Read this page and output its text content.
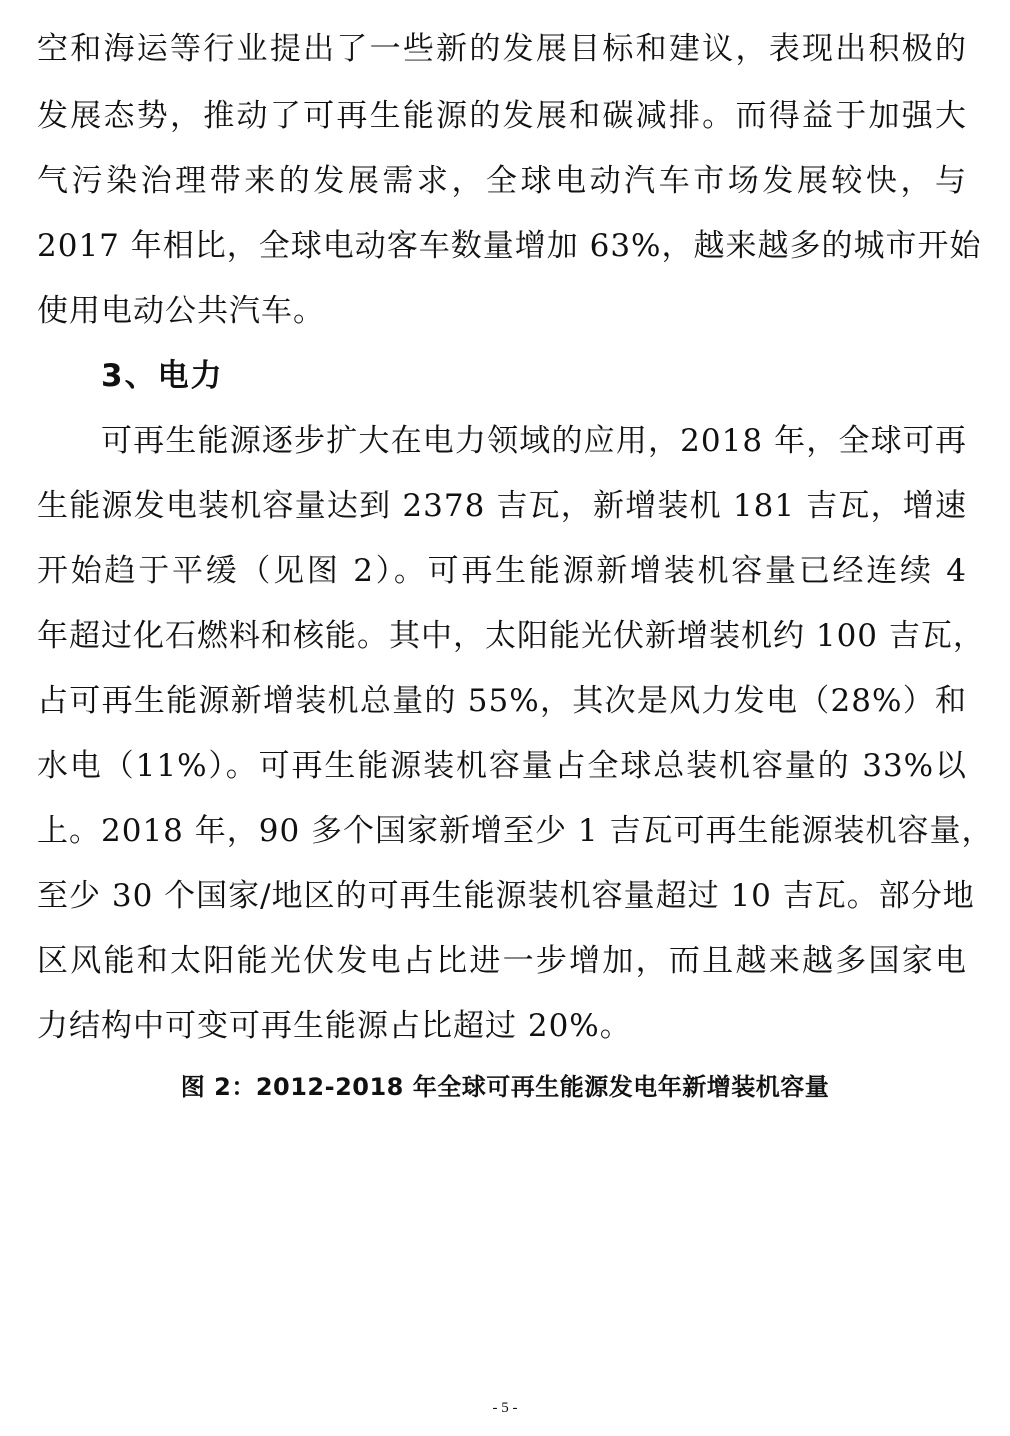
空和海运等行业提出了一些新的发展目标和建议，表现出积极的
发展态势，推动了可再生能源的发展和碳减排。而得益于加强大
气污染治理带来的发展需求，全球电动汽车市场发展较快，与
2017 年相比，全球电动客车数量增加 63%，越来越多的城市开始
使用电动公共汽车。
3、电力
可再生能源逐步扩大在电力领域的应用，2018 年，全球可再
生能源发电装机容量达到 2378 吉瓦，新增装机 181 吉瓦，增速
开始趋于平缓（见图 2）。可再生能源新增装机容量已经连续 4
年超过化石燃料和核能。其中，太阳能光伏新增装机约 100 吉瓦，
占可再生能源新增装机总量的 55%，其次是风力发电（28%）和
水电（11%）。可再生能源装机容量占全球总装机容量的 33%以
上。2018 年，90 多个国家新增至少 1 吉瓦可再生能源装机容量，
至少 30 个国家/地区的可再生能源装机容量超过 10 吉瓦。部分地
区风能和太阳能光伏发电占比进一步增加，而且越来越多国家电
力结构中可变可再生能源占比超过 20%。
图 2：2012-2018 年全球可再生能源发电年新增装机容量
- 5 -
